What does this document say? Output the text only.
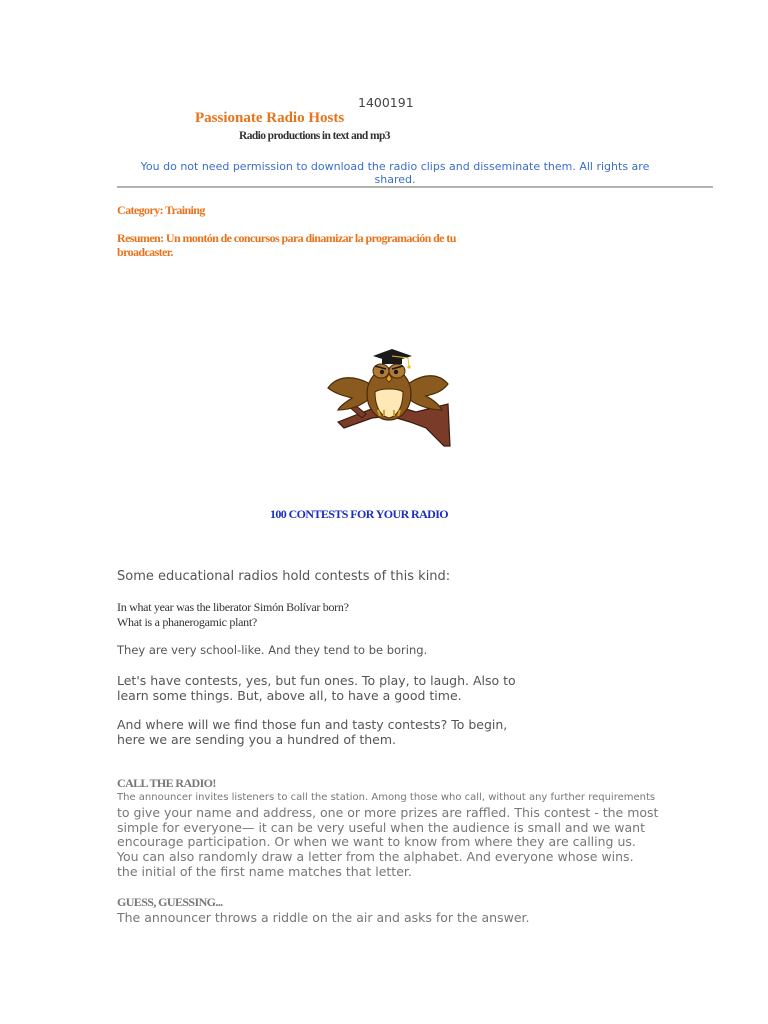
1400191
Passionate Radio Hosts
Radio productions in text and mp3
You do not need permission to download the radio clips and disseminate them. All rights are shared.
Category: Training
Resumen: Un montón de concursos para dinamizar la programación de tu broadcaster.
100 CONTESTS FOR YOUR RADIO
Some educational radios hold contests of this kind:
In what year was the liberator Simón Bolívar born?
What is a phanerogamic plant?
They are very school-like. And they tend to be boring.
Let's have contests, yes, but fun ones. To play, to laugh. Also to learn some things. But, above all, to have a good time.
And where will we find those fun and tasty contests? To begin, here we are sending you a hundred of them.
CALL THE RADIO!
The announcer invites listeners to call the station. Among those who call, without any further requirements
to give your name and address, one or more prizes are raffled. This contest - the most
simple for everyone— it can be very useful when the audience is small and we want
encourage participation. Or when we want to know from where they are calling us.
You can also randomly draw a letter from the alphabet. And everyone whose wins.
the initial of the first name matches that letter.
GUESS, GUESSING...
The announcer throws a riddle on the air and asks for the answer.
